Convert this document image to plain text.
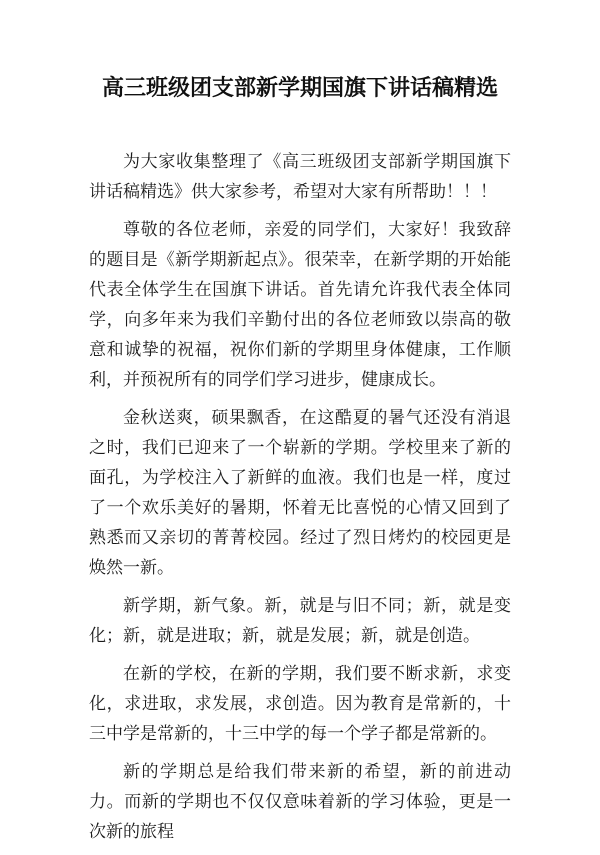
高三班级团支部新学期国旗下讲话稿精选

为大家收集整理了《高三班级团支部新学期国旗下讲话稿精选》供大家参考，希望对大家有所帮助！！！

尊敬的各位老师，亲爱的同学们，大家好！我致辞的题目是《新学期新起点》。很荣幸，在新学期的开始能代表全体学生在国旗下讲话。首先请允许我代表全体同学，向多年来为我们辛勤付出的各位老师致以崇高的敬意和诚挚的祝福，祝你们新的学期里身体健康，工作顺利，并预祝所有的同学们学习进步，健康成长。

金秋送爽，硕果飘香，在这酷夏的暑气还没有消退之时，我们已迎来了一个崭新的学期。学校里来了新的面孔，为学校注入了新鲜的血液。我们也是一样，度过了一个欢乐美好的暑期，怀着无比喜悦的心情又回到了熟悉而又亲切的菁菁校园。经过了烈日烤灼的校园更是焕然一新。

新学期，新气象。新，就是与旧不同；新，就是变化；新，就是进取；新，就是发展；新，就是创造。

在新的学校，在新的学期，我们要不断求新，求变化，求进取，求发展，求创造。因为教育是常新的，十三中学是常新的，十三中学的每一个学子都是常新的。

新的学期总是给我们带来新的希望，新的前进动力。而新的学期也不仅仅意味着新的学习体验，更是一次新的旅程
